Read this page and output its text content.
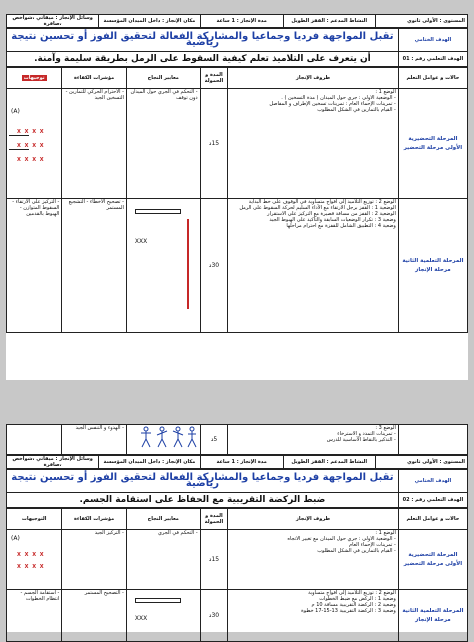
المستوى : الأولى ثانوي	النشاط المدعم : القفز الطويل	مدة الإنجاز : 1 ساعة	مكان الإنجاز : داخل الميدان المؤسسة	وسائل الإنجاز : ميقاتي ،شواخص ،صافرة
الهدف الختامي	تقبل المواجهة فرديا وجماعيا والمشاركة الفعالة لتحقيق الفوز أو تحسين نتيجة رياضية
الهدف التعلمي رقم : 01	أن يتعرف على التلاميذ تعلم كيفية السقوط على الرمل بطريقة سليمة وآمنة.
حالات و عوامل التعلم	ظروف الإنجاز	المدة و الحمولة	معايير النجاح	مؤشرات الكفاءة	توجيهات
المرحلة التحضيرية الأولى مرحلة التحضير	الوضع 1 :
- الوضعية الاولى : جري حول الميدان ( مدة التسخين ) .
- تمرينات الإحماء العام : تمرينات تسخين الإطراف و المفاصل
- القيام بالتمارين في الشكل المطلوب	15د	- التحكم في الجري حول الميدان دون توقف	- الاحترام الحركي للتمارين - التسخين الجيد	X X X X
X X X X
X X X X
(A)

المرحلة التعلمية الثانية مرحلة الإنجاز	الوضع 2 : توزيع التلاميذ إلى أفواج متساوية في الوقوف على خط البداية
الوضعية 1 : القفز برجل الارتقاء مع الأداء السليم لحركة السقوط على الرمل
الوضعية 2 : القفز من مسافة قصيرة مع التركيز على الاستقرار
وضعية 3 : تكرار الوضعيات السابقة والتأكيد على الهبوط الجيد
وضعية 4 : التطبيق الشامل للقفزة مع احترام مراحلها	30د	XXX	- تصحيح الأخطاء - التشجيع المستمر	- التركيز على الارتقاء - السقوط المتوازن - الهبوط بالقدمين

الوضع 3 :
- تمرينات التمدد و الاسترخاء
- التذكير بالنقاط الأساسية للدرس
	5د		- الهدوء و التنفس الجيد	
المستوى : الأولى ثانوي	النشاط المدعم : القفز الطويل	مدة الإنجاز : 1 ساعة	مكان الإنجاز : داخل الميدان المؤسسة	وسائل الإنجاز : ميقاتي ،شواخص ،صافرة
الهدف الختامي	تقبل المواجهة فرديا وجماعيا والمشاركة الفعالة لتحقيق الفوز أو تحسين نتيجة رياضية
الهدف التعلمي رقم : 02	ضبط الركضة التقريبية مع الحفاظ على استقامة الجسم.
حالات و عوامل التعلم	ظروف الإنجاز	المدة و الحمولة	معايير النجاح	مؤشرات الكفاءة	التوجيهات
المرحلة التحضيرية الأولى مرحلة التحضير	الوضع 1 :
- الوضعية الاولى : جري حول الميدان مع تغيير الاتجاه
- تمرينات الإحماء العام
- القيام بالتمارين في الشكل المطلوب	15د	- التحكم في الجري	- التركيز الجيد	(A)
X X X X
X X X X

المرحلة التعلمية الثانية مرحلة الإنجاز	الوضع 2 : توزيع التلاميذ إلى أفواج متساوية
وضعية 1 : الركض مع ضبط الخطوات
وضعية 2 : الركضة التقريبية مسافة 10 م
وضعية 3 : الركضة التقريبية 13-15-17 خطوة	30د	XXX	- التصحيح المستمر	- استقامة الجسم - انتظام الخطوات
